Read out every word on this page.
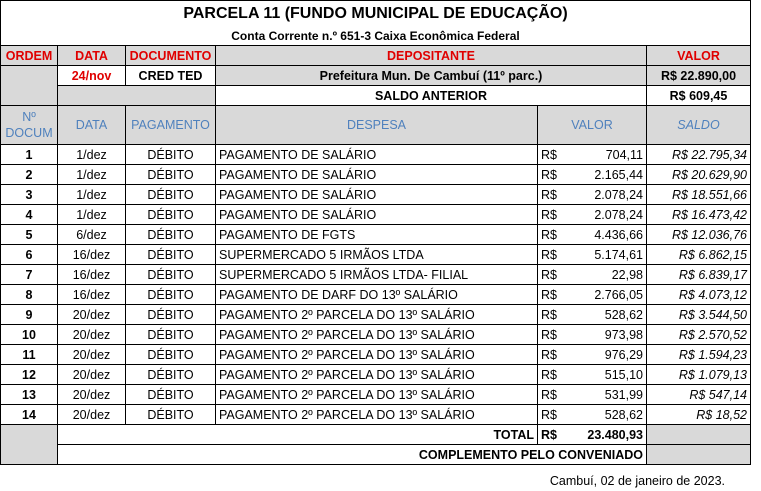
PARCELA 11 (FUNDO MUNICIPAL DE EDUCAÇÃO)					
Conta Corrente n.º 651-3 Caixa Econômica Federal					
ORDEM	DATA	DOCUMENTO	DEPOSITANTE		VALOR
	24/nov	CRED TED	Prefeitura Mun. De Cambuí (11º parc.)		R$ 22.890,00
			SALDO ANTERIOR		R$ 609,45

Nº
DOCUM	DATA	PAGAMENTO	DESPESA	VALOR	SALDO
1	1/dez	DÉBITO	PAGAMENTO DE SALÁRIO	R$ 704,11	R$ 22.795,34
2	1/dez	DÉBITO	PAGAMENTO DE SALÁRIO	R$ 2.165,44	R$ 20.629,90
3	1/dez	DÉBITO	PAGAMENTO DE SALÁRIO	R$ 2.078,24	R$ 18.551,66
4	1/dez	DÉBITO	PAGAMENTO DE SALÁRIO	R$ 2.078,24	R$ 16.473,42
5	6/dez	DÉBITO	PAGAMENTO DE FGTS	R$ 4.436,66	R$ 12.036,76
6	16/dez	DÉBITO	SUPERMERCADO 5 IRMÃOS LTDA	R$ 5.174,61	R$ 6.862,15
7	16/dez	DÉBITO	SUPERMERCADO 5 IRMÃOS LTDA- FILIAL	R$ 22,98	R$ 6.839,17
8	16/dez	DÉBITO	PAGAMENTO DE DARF DO 13º SALÁRIO	R$ 2.766,05	R$ 4.073,12
9	20/dez	DÉBITO	PAGAMENTO 2º PARCELA DO 13º SALÁRIO	R$ 528,62	R$ 3.544,50
10	20/dez	DÉBITO	PAGAMENTO 2º PARCELA DO 13º SALÁRIO	R$ 973,98	R$ 2.570,52
11	20/dez	DÉBITO	PAGAMENTO 2º PARCELA DO 13º SALÁRIO	R$ 976,29	R$ 1.594,23
12	20/dez	DÉBITO	PAGAMENTO 2º PARCELA DO 13º SALÁRIO	R$ 515,10	R$ 1.079,13
13	20/dez	DÉBITO	PAGAMENTO 2º PARCELA DO 13º SALÁRIO	R$ 531,99	R$ 547,14
14	20/dez	DÉBITO	PAGAMENTO 2º PARCELA DO 13º SALÁRIO	R$ 528,62	R$ 18,52
	TOTAL			R$ 23.480,93	

	COMPLEMENTO PELO CONVENIADO				
Cambuí, 02 de janeiro de 2023.
